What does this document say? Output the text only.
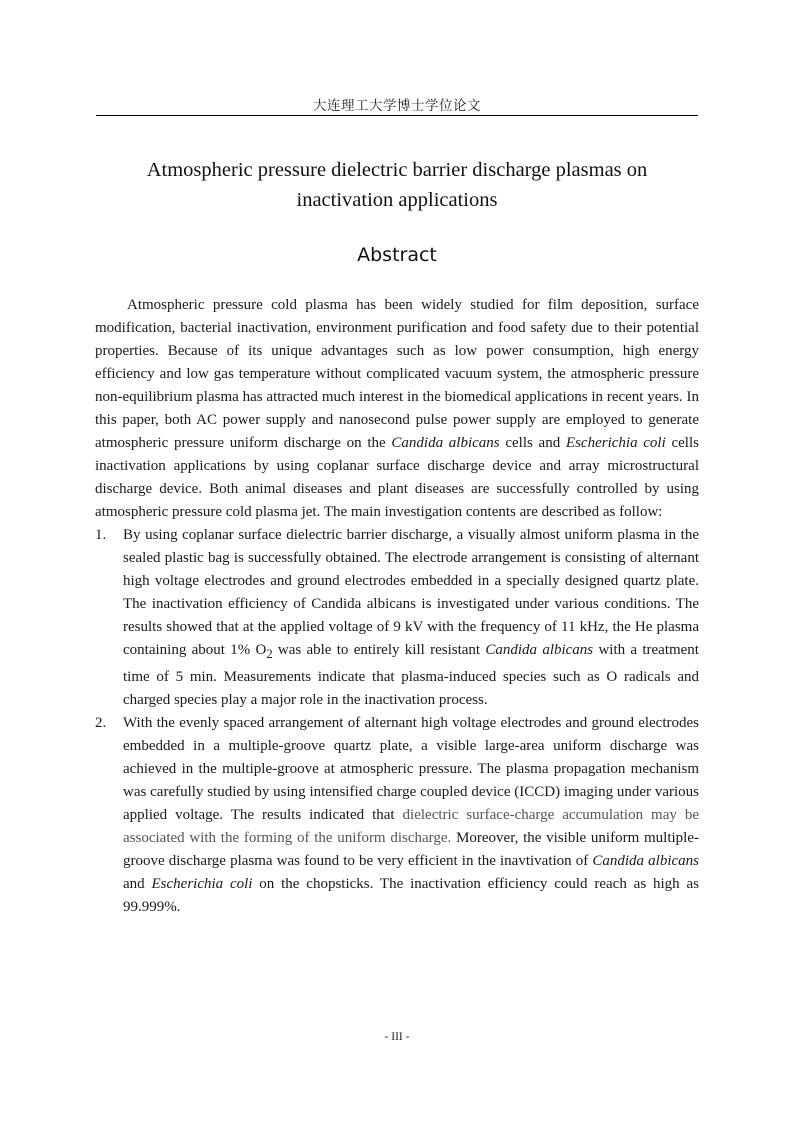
大连理工大学博士学位论文
Atmospheric pressure dielectric barrier discharge plasmas on
inactivation applications
Abstract

Atmospheric pressure cold plasma has been widely studied for film deposition, surface modification, bacterial inactivation, environment purification and food safety due to their potential properties. Because of its unique advantages such as low power consumption, high energy efficiency and low gas temperature without complicated vacuum system, the atmospheric pressure non-equilibrium plasma has attracted much interest in the biomedical applications in recent years. In this paper, both AC power supply and nanosecond pulse power supply are employed to generate atmospheric pressure uniform discharge on the Candida albicans cells and Escherichia coli cells inactivation applications by using coplanar surface discharge device and array microstructural discharge device. Both animal diseases and plant diseases are successfully controlled by using atmospheric pressure cold plasma jet. The main investigation contents are described as follow:

1. By using coplanar surface dielectric barrier discharge, a visually almost uniform plasma in the sealed plastic bag is successfully obtained. The electrode arrangement is consisting of alternant high voltage electrodes and ground electrodes embedded in a specially designed quartz plate. The inactivation efficiency of Candida albicans is investigated under various conditions. The results showed that at the applied voltage of 9 kV with the frequency of 11 kHz, the He plasma containing about 1% $O_2$ was able to entirely kill resistant Candida albicans with a treatment time of 5 min. Measurements indicate that plasma-induced species such as O radicals and charged species play a major role in the inactivation process.
2. With the evenly spaced arrangement of alternant high voltage electrodes and ground electrodes embedded in a multiple-groove quartz plate, a visible large-area uniform discharge was achieved in the multiple-groove at atmospheric pressure. The plasma propagation mechanism was carefully studied by using intensified charge coupled device (ICCD) imaging under various applied voltage. The results indicated that dielectric surface-charge accumulation may be associated with the forming of the uniform discharge. Moreover, the visible uniform multiple-groove discharge plasma was found to be very efficient in the inavtivation of Candida albicans and Escherichia coli on the chopsticks. The inactivation efficiency could reach as high as 99.999%.
- III -
